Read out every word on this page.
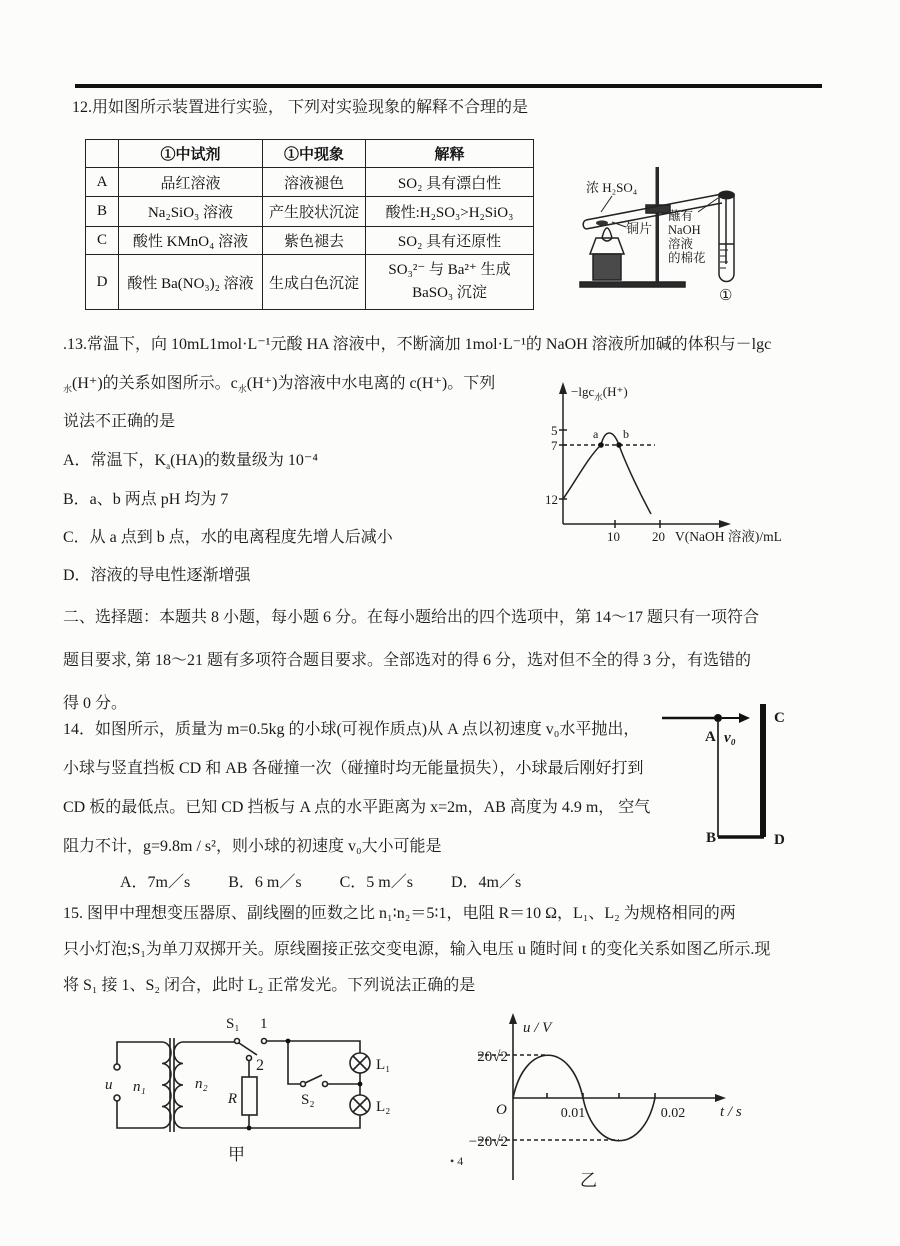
12.用如图所示装置进行实验， 下列对实验现象的解释不合理的是
	①中试剂	①中现象	解释
A	品红溶液	溶液褪色	SO₂ 具有漂白性
B	Na₂SiO₃ 溶液	产生胶状沉淀	酸性:H₂SO₃>H₂SiO₃
C	酸性 KMnO₄ 溶液	紫色褪去	SO₂ 具有还原性
D	酸性 Ba(NO₃)₂ 溶液	生成白色沉淀	SO₃²⁻ 与 Ba²⁺ 生成 BaSO₃ 沉淀
浓 H₂SO₄
铜片
蘸有
NaOH
溶液
的棉花
①
.13.常温下，向 10mL1mol·L⁻¹元酸 HA 溶液中，不断滴加 1mol·L⁻¹的 NaOH 溶液所加碱的体积与－lgc
$_水$(H⁺)的关系如图所示。$c_水(H^+)$为溶液中水电离的 c(H⁺)。下列
说法不正确的是
A．常温下，$K_a(HA)$的数量级为 10⁻⁴
B．a、b 两点 pH 均为 7
C．从 a 点到 b 点，水的电离程度先增人后减小
D．溶液的导电性逐渐增强
a b
−lgc$_水$(H⁺)
5
7
12
10 20 V(NaOH 溶液)/mL
二、选择题：本题共 8 小题，每小题 6 分。在每小题给出的四个选项中，第 14～17 题只有一项符合
题目要求, 第 18～21 题有多项符合题目要求。全部选对的得 6 分，选对但不全的得 3 分，有选错的
得 0 分。
14．如图所示，质量为 m=0.5kg 的小球(可视作质点)从 A 点以初速度 v₀水平抛出，
小球与竖直挡板 CD 和 AB 各碰撞一次（碰撞时均无能量损失），小球最后刚好打到
CD 板的最低点。已知 CD 挡板与 A 点的水平距离为 x=2m，AB 高度为 4.9 m， 空气
阻力不计，g=9.8m / s²，则小球的初速度 v₀大小可能是
A．7m／s B．6 m／s C．5 m／s D．4m／s
A v₀
B
C
D
15. 图甲中理想变压器原、副线圈的匝数之比 n₁∶n₂＝5∶1，电阻 R＝10 Ω，L₁、L₂ 为规格相同的两
只小灯泡;S₁为单刀双掷开关。原线圈接正弦交变电源，输入电压 u 随时间 t 的变化关系如图乙所示.现
将 S₁ 接 1、S₂ 闭合，此时 L₂ 正常发光。下列说法正确的是
u n₁	n₂
S₁ 1
2
R	S₂
L₁
L₂
甲
u / V
20√2
−20√2
O	0.01	0.02 t / s
乙
• 4
